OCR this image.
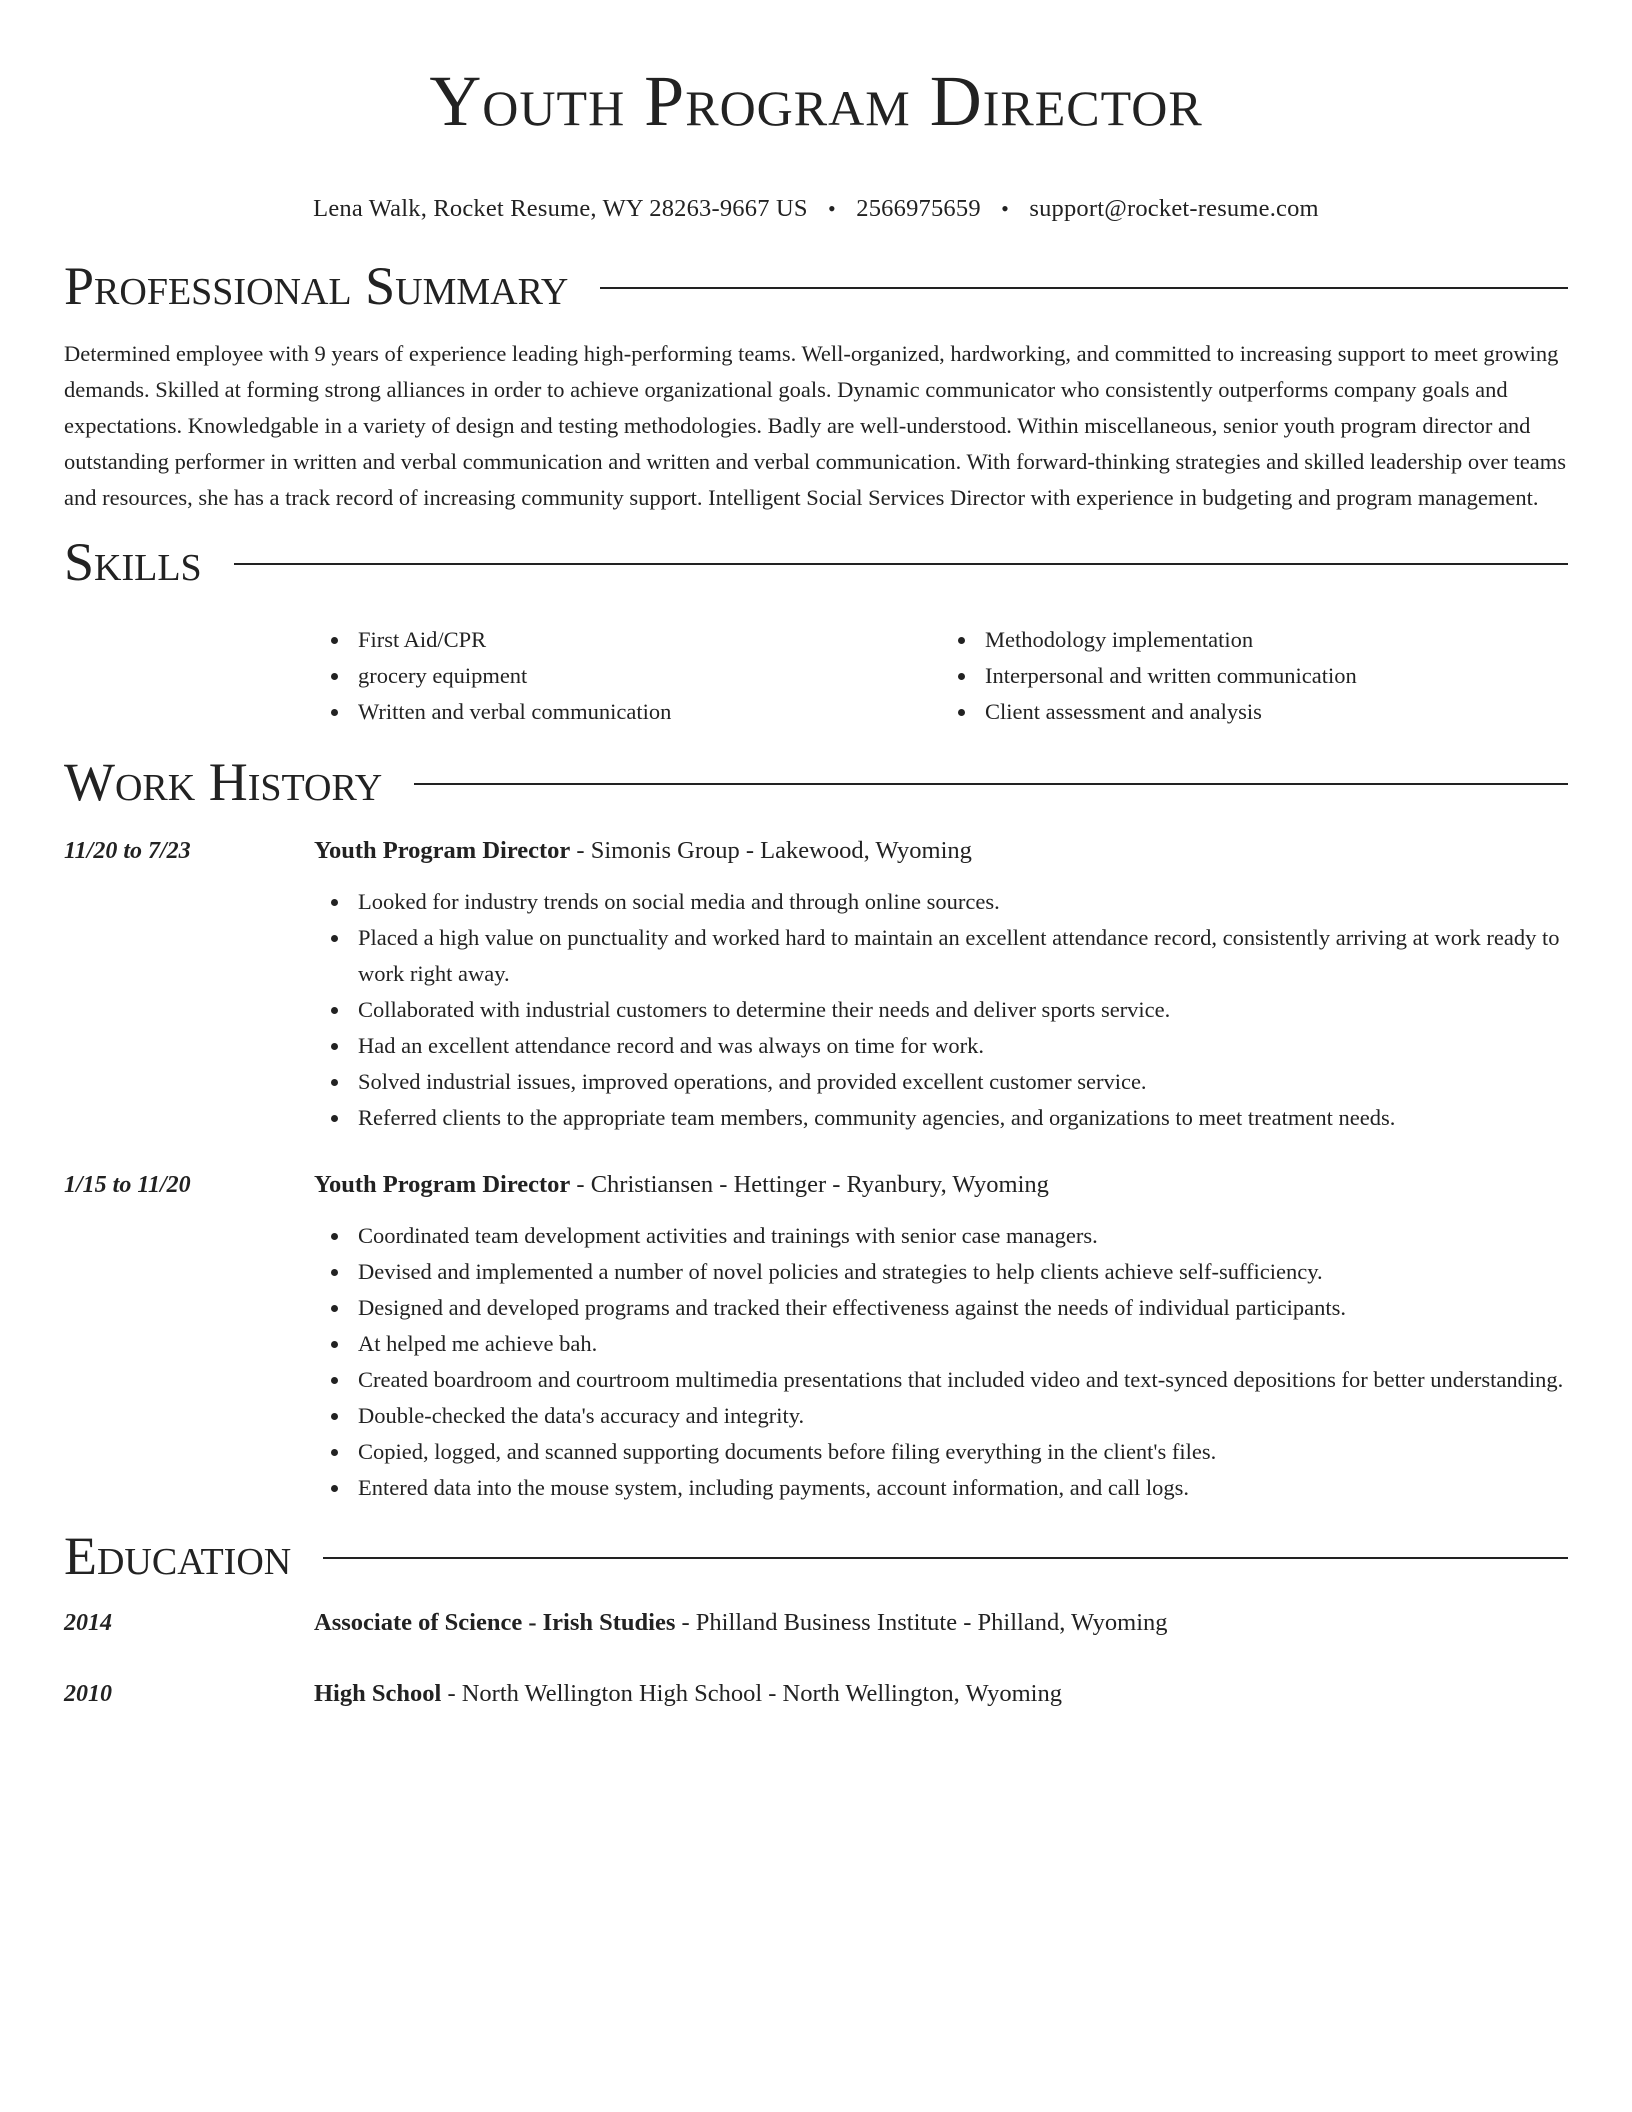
Youth Program Director
Lena Walk, Rocket Resume, WY 28263-9667 US • 2566975659 • support@rocket-resume.com
Professional Summary

Determined employee with 9 years of experience leading high-performing teams. Well-organized, hardworking, and committed to increasing support to meet growing demands. Skilled at forming strong alliances in order to achieve organizational goals. Dynamic communicator who consistently outperforms company goals and expectations. Knowledgable in a variety of design and testing methodologies. Badly are well-understood. Within miscellaneous, senior youth program director and outstanding performer in written and verbal communication and written and verbal communication. With forward-thinking strategies and skilled leadership over teams and resources, she has a track record of increasing community support. Intelligent Social Services Director with experience in budgeting and program management.

Skills
First Aid/CPR
grocery equipment
Written and verbal communication
Methodology implementation
Interpersonal and written communication
Client assessment and analysis
Work History
11/20 to 7/23	Youth Program Director - Simonis Group - Lakewood, Wyoming
Looked for industry trends on social media and through online sources.
Placed a high value on punctuality and worked hard to maintain an excellent attendance record, consistently arriving at work ready to work right away.
Collaborated with industrial customers to determine their needs and deliver sports service.
Had an excellent attendance record and was always on time for work.
Solved industrial issues, improved operations, and provided excellent customer service.
Referred clients to the appropriate team members, community agencies, and organizations to meet treatment needs.
1/15 to 11/20	Youth Program Director - Christiansen - Hettinger - Ryanbury, Wyoming
Coordinated team development activities and trainings with senior case managers.
Devised and implemented a number of novel policies and strategies to help clients achieve self-sufficiency.
Designed and developed programs and tracked their effectiveness against the needs of individual participants.
At helped me achieve bah.
Created boardroom and courtroom multimedia presentations that included video and text-synced depositions for better understanding.
Double-checked the data's accuracy and integrity.
Copied, logged, and scanned supporting documents before filing everything in the client's files.
Entered data into the mouse system, including payments, account information, and call logs.
Education
2014	Associate of Science - Irish Studies - Philland Business Institute - Philland, Wyoming
2010	High School - North Wellington High School - North Wellington, Wyoming
